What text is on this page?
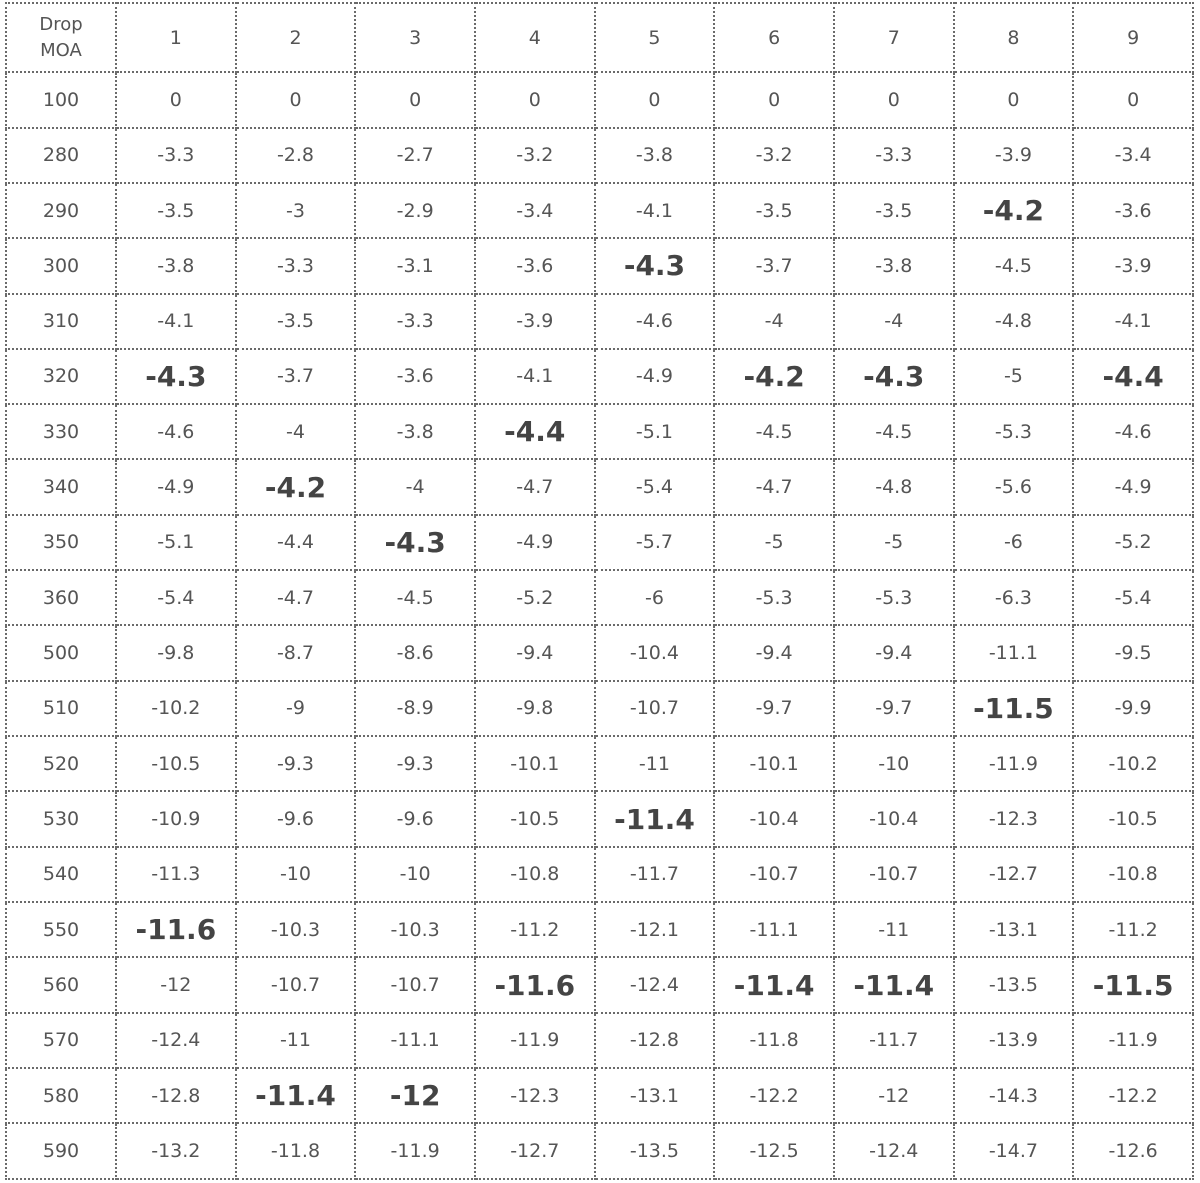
Drop
MOA	1	2	3	4	5	6	7	8	9
100	0	0	0	0	0	0	0	0	0
280	-3.3	-2.8	-2.7	-3.2	-3.8	-3.2	-3.3	-3.9	-3.4
290	-3.5	-3	-2.9	-3.4	-4.1	-3.5	-3.5	-4.2	-3.6
300	-3.8	-3.3	-3.1	-3.6	-4.3	-3.7	-3.8	-4.5	-3.9
310	-4.1	-3.5	-3.3	-3.9	-4.6	-4	-4	-4.8	-4.1
320	-4.3	-3.7	-3.6	-4.1	-4.9	-4.2	-4.3	-5	-4.4
330	-4.6	-4	-3.8	-4.4	-5.1	-4.5	-4.5	-5.3	-4.6
340	-4.9	-4.2	-4	-4.7	-5.4	-4.7	-4.8	-5.6	-4.9
350	-5.1	-4.4	-4.3	-4.9	-5.7	-5	-5	-6	-5.2
360	-5.4	-4.7	-4.5	-5.2	-6	-5.3	-5.3	-6.3	-5.4
500	-9.8	-8.7	-8.6	-9.4	-10.4	-9.4	-9.4	-11.1	-9.5
510	-10.2	-9	-8.9	-9.8	-10.7	-9.7	-9.7	-11.5	-9.9
520	-10.5	-9.3	-9.3	-10.1	-11	-10.1	-10	-11.9	-10.2
530	-10.9	-9.6	-9.6	-10.5	-11.4	-10.4	-10.4	-12.3	-10.5
540	-11.3	-10	-10	-10.8	-11.7	-10.7	-10.7	-12.7	-10.8
550	-11.6	-10.3	-10.3	-11.2	-12.1	-11.1	-11	-13.1	-11.2
560	-12	-10.7	-10.7	-11.6	-12.4	-11.4	-11.4	-13.5	-11.5
570	-12.4	-11	-11.1	-11.9	-12.8	-11.8	-11.7	-13.9	-11.9
580	-12.8	-11.4	-12	-12.3	-13.1	-12.2	-12	-14.3	-12.2
590	-13.2	-11.8	-11.9	-12.7	-13.5	-12.5	-12.4	-14.7	-12.6
